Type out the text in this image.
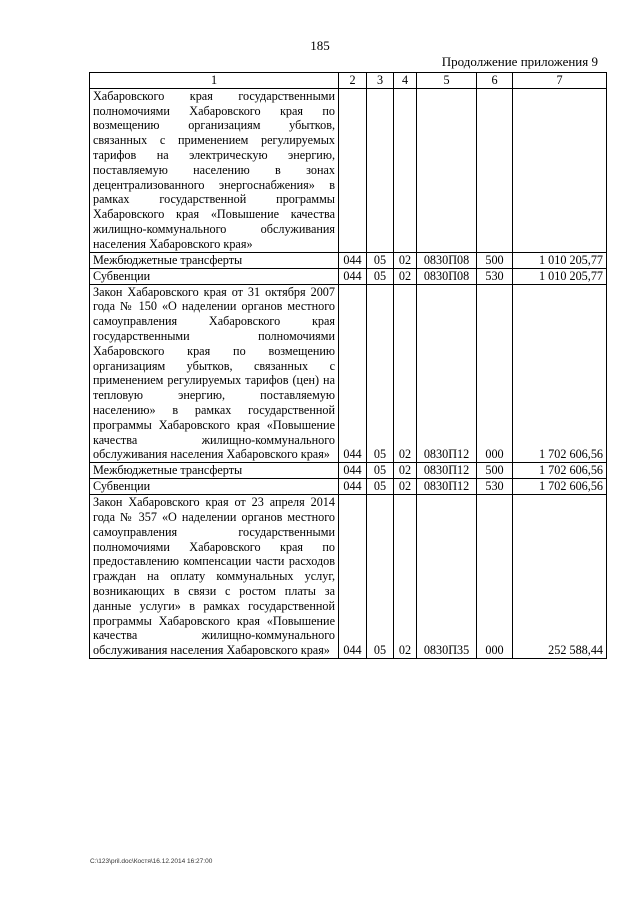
185
Продолжение приложения 9
1	2	3	4	5	6	7

Хабаровского края государственными полномочиями Хабаровского края по возмещению организациям убытков, связанных с применением регулируемых тарифов на электрическую энергию, поставляемую населению в зонах децентрализованного энергоснабжения» в рамках государственной программы Хабаровского края «Повышение качества жилищно-коммунального обслуживания населения Хабаровского края»						

Межбюджетные трансферты	044	05	02	0830П08	500	1 010 205,77

Субвенции	044	05	02	0830П08	530	1 010 205,77

Закон Хабаровского края от 31 октября 2007 года № 150 «О наделении органов местного самоуправления Хабаровского края государственными полномочиями Хабаровского края по возмещению организациям убытков, связанных с применением регулируемых тарифов (цен) на тепловую энергию, поставляемую населению» в рамках государственной программы Хабаровского края «Повышение качества жилищно-коммунального обслуживания населения Хабаровского края»	044	05	02	0830П12	000	1 702 606,56

Межбюджетные трансферты	044	05	02	0830П12	500	1 702 606,56

Субвенции	044	05	02	0830П12	530	1 702 606,56

Закон Хабаровского края от 23 апреля 2014 года № 357 «О наделении органов местного самоуправления государственными полномочиями Хабаровского края по предоставлению компенсации части расходов граждан на оплату коммунальных услуг, возникающих в связи с ростом платы за данные услуги» в рамках государственной программы Хабаровского края «Повышение качества жилищно-коммунального обслуживания населения Хабаровского края»	044	05	02	0830П35	000	252 588,44
C:\123\pril.doc\Костя\16.12.2014 16:27:00
